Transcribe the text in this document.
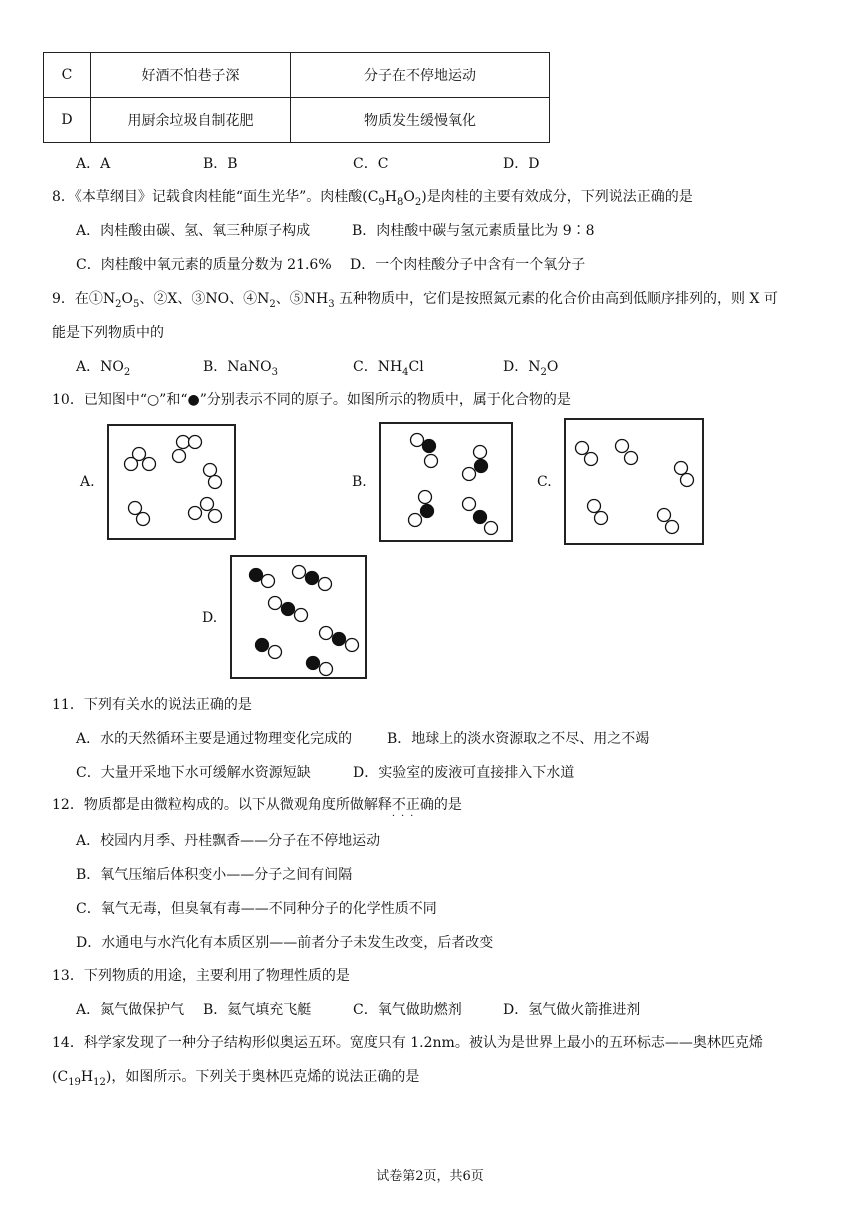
C	好酒不怕巷子深	分子在不停地运动
D	用厨余垃圾自制花肥	物质发生缓慢氧化
A．A	B．B	C．C	D．D
8．《本草纲目》记载食肉桂能“面生光华”。肉桂酸$(C_9H_8O_2)$是肉桂的主要有效成分，下列说法正确的是
A．肉桂酸由碳、氢、氧三种原子构成	B．肉桂酸中碳与氢元素质量比为 9∶8
C．肉桂酸中氧元素的质量分数为 21.6% D．一个肉桂酸分子中含有一个氧分子
9．在$①N_2O_5$、②X、③NO、$④N_2$、$⑤NH_3$ 五种物质中，它们是按照氮元素的化合价由高到低顺序排列的，则 X 可
能是下列物质中的
A．$NO_2$	B．NaNO$_3$	C．$NH_4Cl$	D．$N_2O$
10．已知图中“○”和“●”分别表示不同的原子。如图所示的物质中，属于化合物的是
A.	B.	C.
D.
11．下列有关水的说法正确的是
A．水的天然循环主要是通过物理变化完成的 B．地球上的淡水资源取之不尽、用之不竭
C．大量开采地下水可缓解水资源短缺	D．实验室的废液可直接排入下水道
12．物质都是由微粒构成的。以下从微观角度所做解释不正确
···
的是
A．校园内月季、丹桂飘香——分子在不停地运动
B．氧气压缩后体积变小——分子之间有间隔
C．氧气无毒，但臭氧有毒——不同种分子的化学性质不同
D．水通电与水汽化有本质区别——前者分子未发生改变，后者改变
13．下列物质的用途，主要利用了物理性质的是
A．氮气做保护气 B．氦气填充飞艇	C．氧气做助燃剂	D．氢气做火箭推进剂
14．科学家发现了一种分子结构形似奥运五环。宽度只有 1.2nm。被认为是世界上最小的五环标志——奥林匹克烯
$(C_{19}H_{12})$，如图所示。下列关于奥林匹克烯的说法正确的是
试卷第2页，共6页
